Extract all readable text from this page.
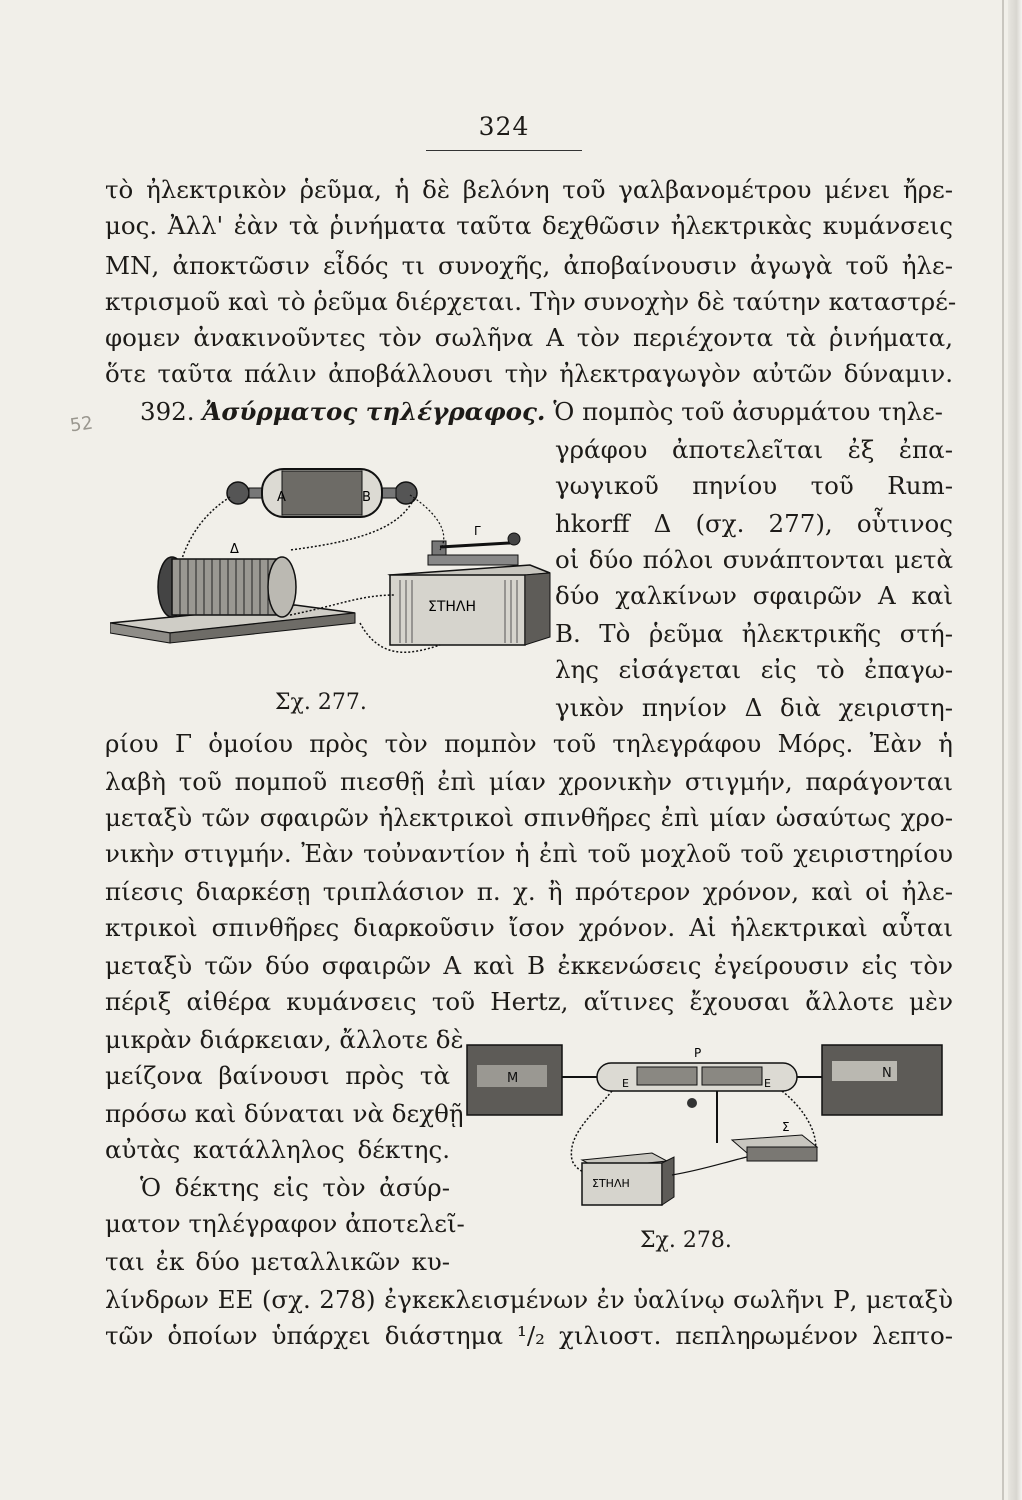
324
52
τὸ ἠλεκτρικὸν ῥεῦμα, ἡ δὲ βελόνη τοῦ γαλβανομέτρου μένει ἤρε-
μος. Ἀλλ' ἐὰν τὰ ῥινήματα ταῦτα δεχθῶσιν ἠλεκτρικὰς κυμάνσεις
ΜΝ, ἀποκτῶσιν εἶδός τι συνοχῆς, ἀποβαίνουσιν ἀγωγὰ τοῦ ἠλε-
κτρισμοῦ καὶ τὸ ῥεῦμα διέρχεται. Τὴν συνοχὴν δὲ ταύτην καταστρέ-
φομεν ἀνακινοῦντες τὸν σωλῆνα Α τὸν περιέχοντα τὰ ῥινήματα,
ὅτε ταῦτα πάλιν ἀποβάλλουσι τὴν ἠλεκτραγωγὸν αὐτῶν δύναμιν.
392. Ἀσύρματος τηλέγραφος. Ὁ πομπὸς τοῦ ἀσυρμάτου τηλε-
γράφου ἀποτελεῖται ἐξ ἐπα-
γωγικοῦ πηνίου τοῦ Rum-
hkorff Δ (σχ. 277), οὗτινος
οἱ δύο πόλοι συνάπτονται μετὰ
δύο χαλκίνων σφαιρῶν Α καὶ
Β. Τὸ ῥεῦμα ἠλεκτρικῆς στή-
λης εἰσάγεται εἰς τὸ ἐπαγω-
γικὸν πηνίον Δ διὰ χειριστη-
A	B
Δ
ΣΤΗΛΗ
Γ
Σχ. 277.
ρίου Γ ὁμοίου πρὸς τὸν πομπὸν τοῦ τηλεγράφου Μόρς. Ἐὰν ἡ
λαβὴ τοῦ πομποῦ πιεσθῇ ἐπὶ μίαν χρονικὴν στιγμήν, παράγονται
μεταξὺ τῶν σφαιρῶν ἠλεκτρικοὶ σπινθῆρες ἐπὶ μίαν ὡσαύτως χρο-
νικὴν στιγμήν. Ἐὰν τοὐναντίον ἡ ἐπὶ τοῦ μοχλοῦ τοῦ χειριστηρίου
πίεσις διαρκέσῃ τριπλάσιον π. χ. ἢ πρότερον χρόνον, καὶ οἱ ἠλε-
κτρικοὶ σπινθῆρες διαρκοῦσιν ἴσον χρόνον. Αἱ ἠλεκτρικαὶ αὗται
μεταξὺ τῶν δύο σφαιρῶν Α καὶ Β ἐκκενώσεις ἐγείρουσιν εἰς τὸν
πέριξ αἰθέρα κυμάνσεις τοῦ Hertz, αἵτινες ἔχουσαι ἄλλοτε μὲν
μικρὰν διάρκειαν, ἄλλοτε δὲ
μείζονα βαίνουσι πρὸς τὰ
πρόσω καὶ δύναται νὰ δεχθῇ
αὐτὰς κατάλληλος δέκτης.
Ὁ δέκτης εἰς τὸν ἀσύρ-
ματον τηλέγραφον ἀποτελεῖ-
ται ἐκ δύο μεταλλικῶν κυ-
M	N
P
E	E
Σ
ΣΤΗΛΗ
Σχ. 278.
λίνδρων ΕΕ (σχ. 278) ἐγκεκλεισμένων ἐν ὑαλίνῳ σωλῆνι Ρ, μεταξὺ
τῶν ὁποίων ὑπάρχει διάστημα ¹/₂ χιλιοστ. πεπληρωμένον λεπτο-
